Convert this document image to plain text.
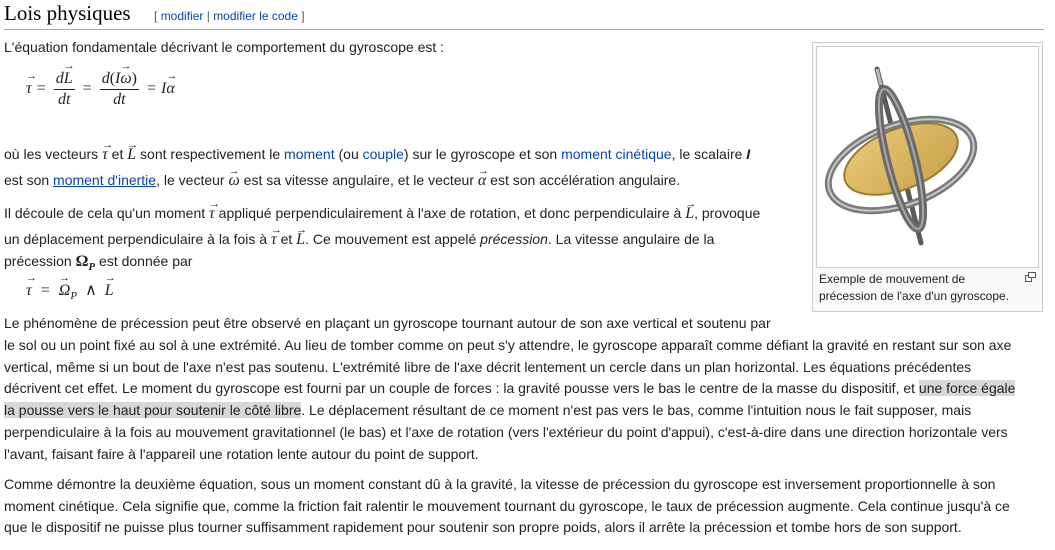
Lois physiques [ modifier | modifier le code ]
L'équation fondamentale décrivant le comportement du gyroscope est :
τ → = $\frac{dL \to}{dt} = \frac{d(I\omega \to)}{dt} = I$ α →
où les vecteurs τ → et L → sont respectivement le moment (ou couple) sur le gyroscope et son moment cinétique, le scalaire I
est son moment d'inertie, le vecteur ω → est sa vitesse angulaire, et le vecteur α → est son accélération angulaire.
Il découle de cela qu'un moment τ → appliqué perpendiculairement à l'axe de rotation, et donc perpendiculaire à L →, provoque
un déplacement perpendiculaire à la fois à τ → et L →. Ce mouvement est appelé précession. La vitesse angulaire de la
précession $\Omega_P$ est donnée par
τ → = $\Omega \to_P$ ∧ L →
Le phénomène de précession peut être observé en plaçant un gyroscope tournant autour de son axe vertical et soutenu par
le sol ou un point fixé au sol à une extrémité. Au lieu de tomber comme on peut s'y attendre, le gyroscope apparaît comme défiant la gravité en restant sur son axe
vertical, même si un bout de l'axe n'est pas soutenu. L'extrémité libre de l'axe décrit lentement un cercle dans un plan horizontal. Les équations précédentes
décrivent cet effet. Le moment du gyroscope est fourni par un couple de forces : la gravité pousse vers le bas le centre de la masse du dispositif, et une force égale
la pousse vers le haut pour soutenir le côté libre. Le déplacement résultant de ce moment n'est pas vers le bas, comme l'intuition nous le fait supposer, mais
perpendiculaire à la fois au mouvement gravitationnel (le bas) et l'axe de rotation (vers l'extérieur du point d'appui), c'est-à-dire dans une direction horizontale vers
l'avant, faisant faire à l'appareil une rotation lente autour du point de support.
Comme démontre la deuxième équation, sous un moment constant dû à la gravité, la vitesse de précession du gyroscope est inversement proportionnelle à son
moment cinétique. Cela signifie que, comme la friction fait ralentir le mouvement tournant du gyroscope, le taux de précession augmente. Cela continue jusqu'à ce
que le dispositif ne puisse plus tourner suffisamment rapidement pour soutenir son propre poids, alors il arrête la précession et tombe hors de son support.
Exemple de mouvement de
précession de l'axe d'un gyroscope.
